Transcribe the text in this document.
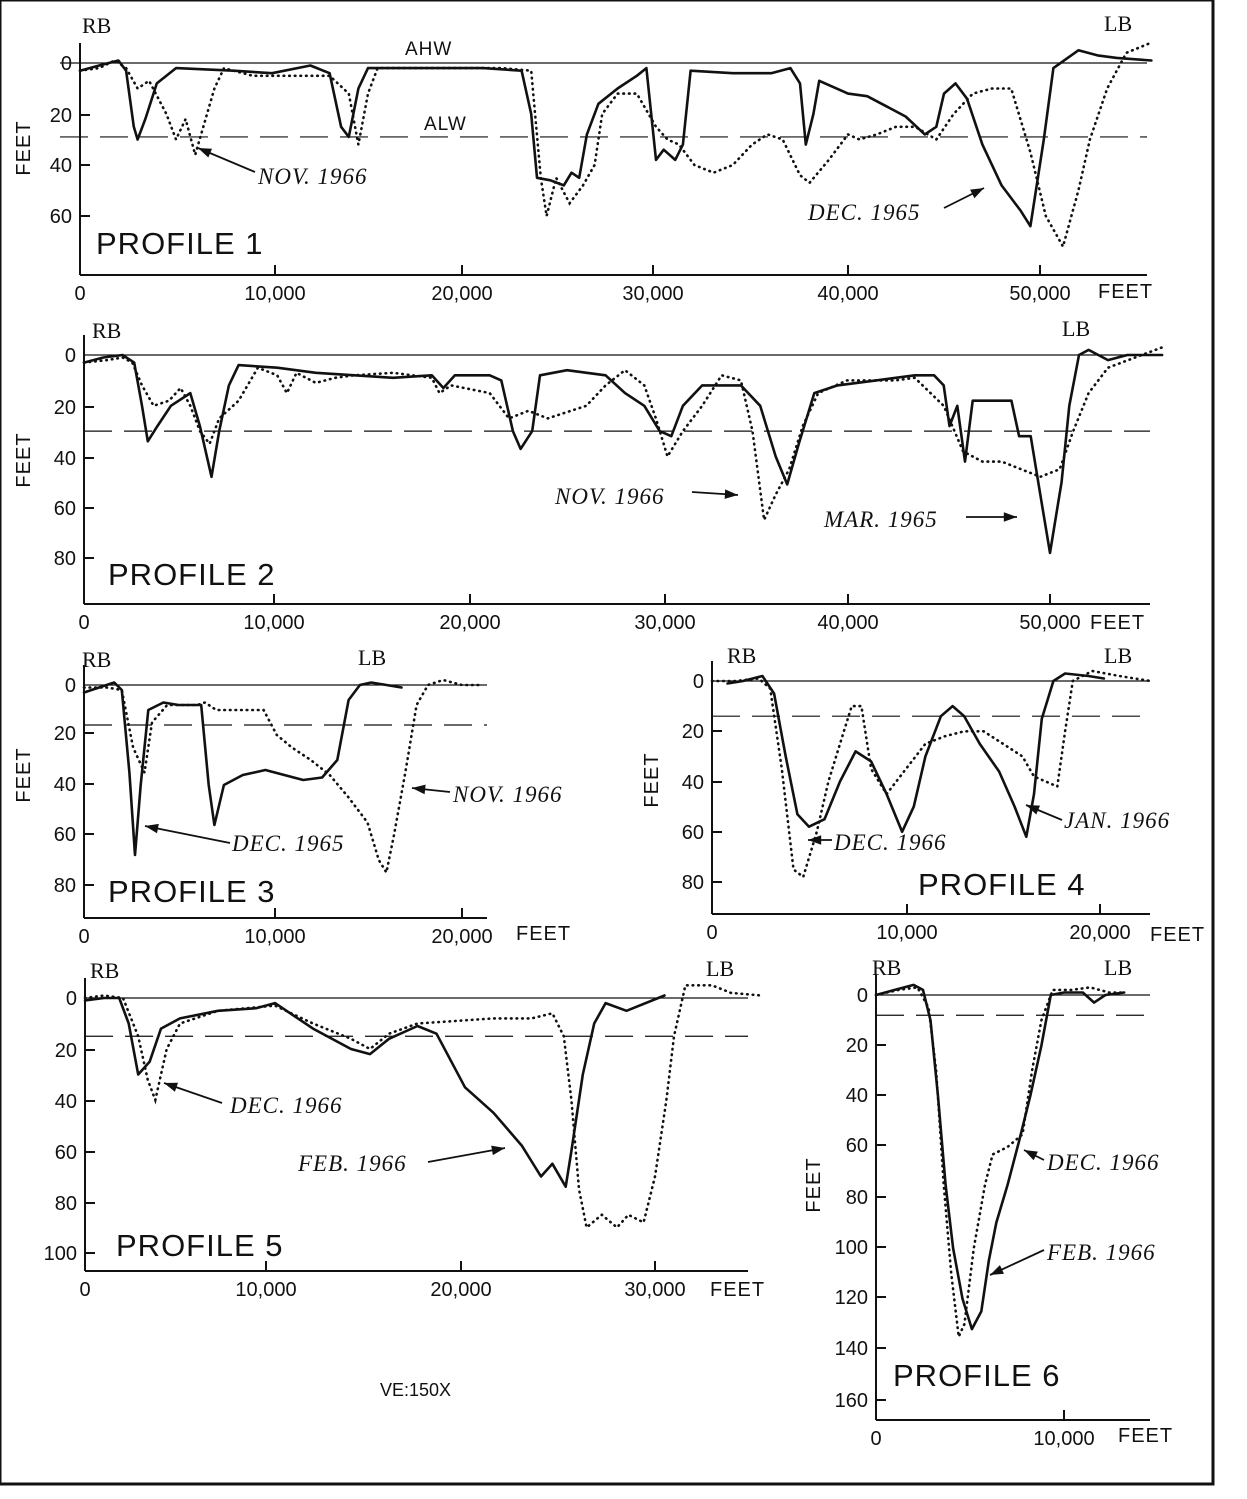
0	10,000	20,000	30,000	40,000	50,000
0
20
40
60
FEET
FEET
AHW
ALW
RB	LB
PROFILE 1
NOV. 1966
DEC. 1965
0	10,000	20,000	30,000	40,000	50,000
0
20
40
60
80
FEET
FEET
RB	LB
PROFILE 2
NOV. 1966
MAR. 1965
0	10,000	20,000
0
20
40
60
80
FEET
FEET
RB	LB
PROFILE 3
NOV. 1966
DEC. 1965
0	10,000	20,000
0
20
40
60
80
FEET
FEET
RB	LB
PROFILE 4
DEC. 1966
JAN. 1966
0	10,000	20,000	30,000
0
20
40
60
80
100
FEET
RB	LB
PROFILE 5
DEC. 1966
FEB. 1966
0	10,000
0
20
40
60
80
100
120
140
160
FEET
FEET
RB	LB
PROFILE 6
DEC. 1966
FEB. 1966
VE:150X
